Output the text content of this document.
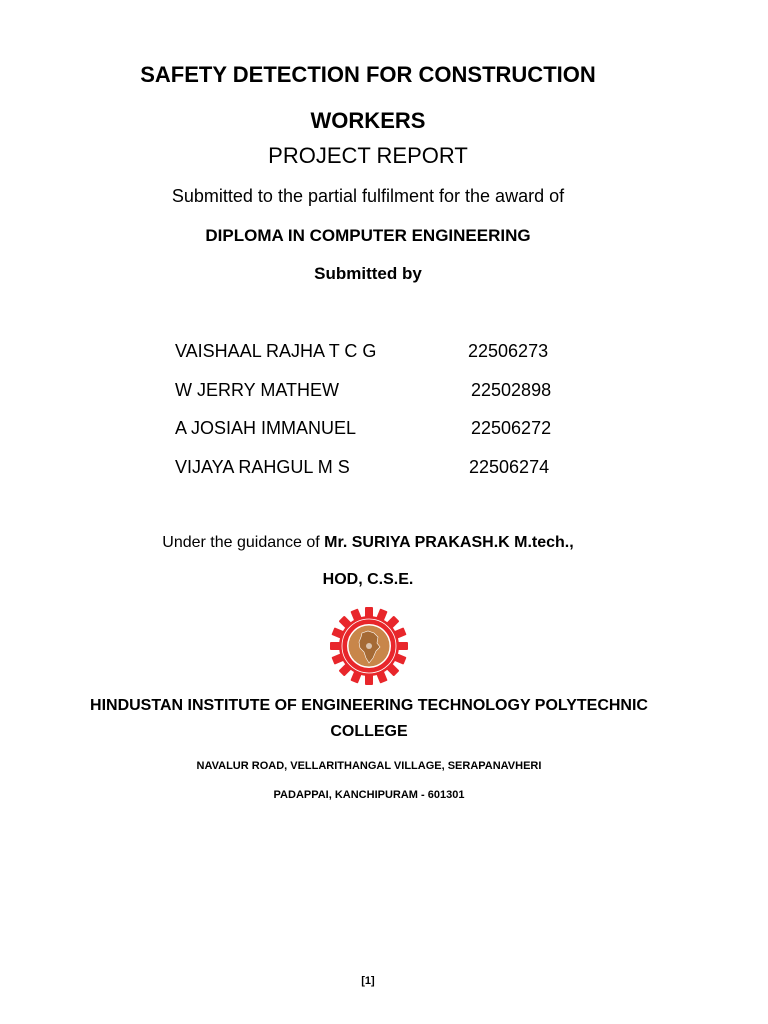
SAFETY DETECTION FOR CONSTRUCTION
WORKERS
PROJECT REPORT
Submitted to the partial fulfilment for the award of
DIPLOMA IN COMPUTER ENGINEERING
Submitted by
VAISHAAL RAJHA T C G	22506273
W JERRY MATHEW	22502898
A JOSIAH IMMANUEL	22506272
VIJAYA RAHGUL M S	22506274
Under the guidance of Mr. SURIYA PRAKASH.K M.tech.,
HOD, C.S.E.
HINDUSTAN INSTITUTE OF ENGINEERING TECHNOLOGY POLYTECHNIC
COLLEGE
NAVALUR ROAD, VELLARITHANGAL VILLAGE, SERAPANAVHERI
PADAPPAI, KANCHIPURAM - 601301
[1]
